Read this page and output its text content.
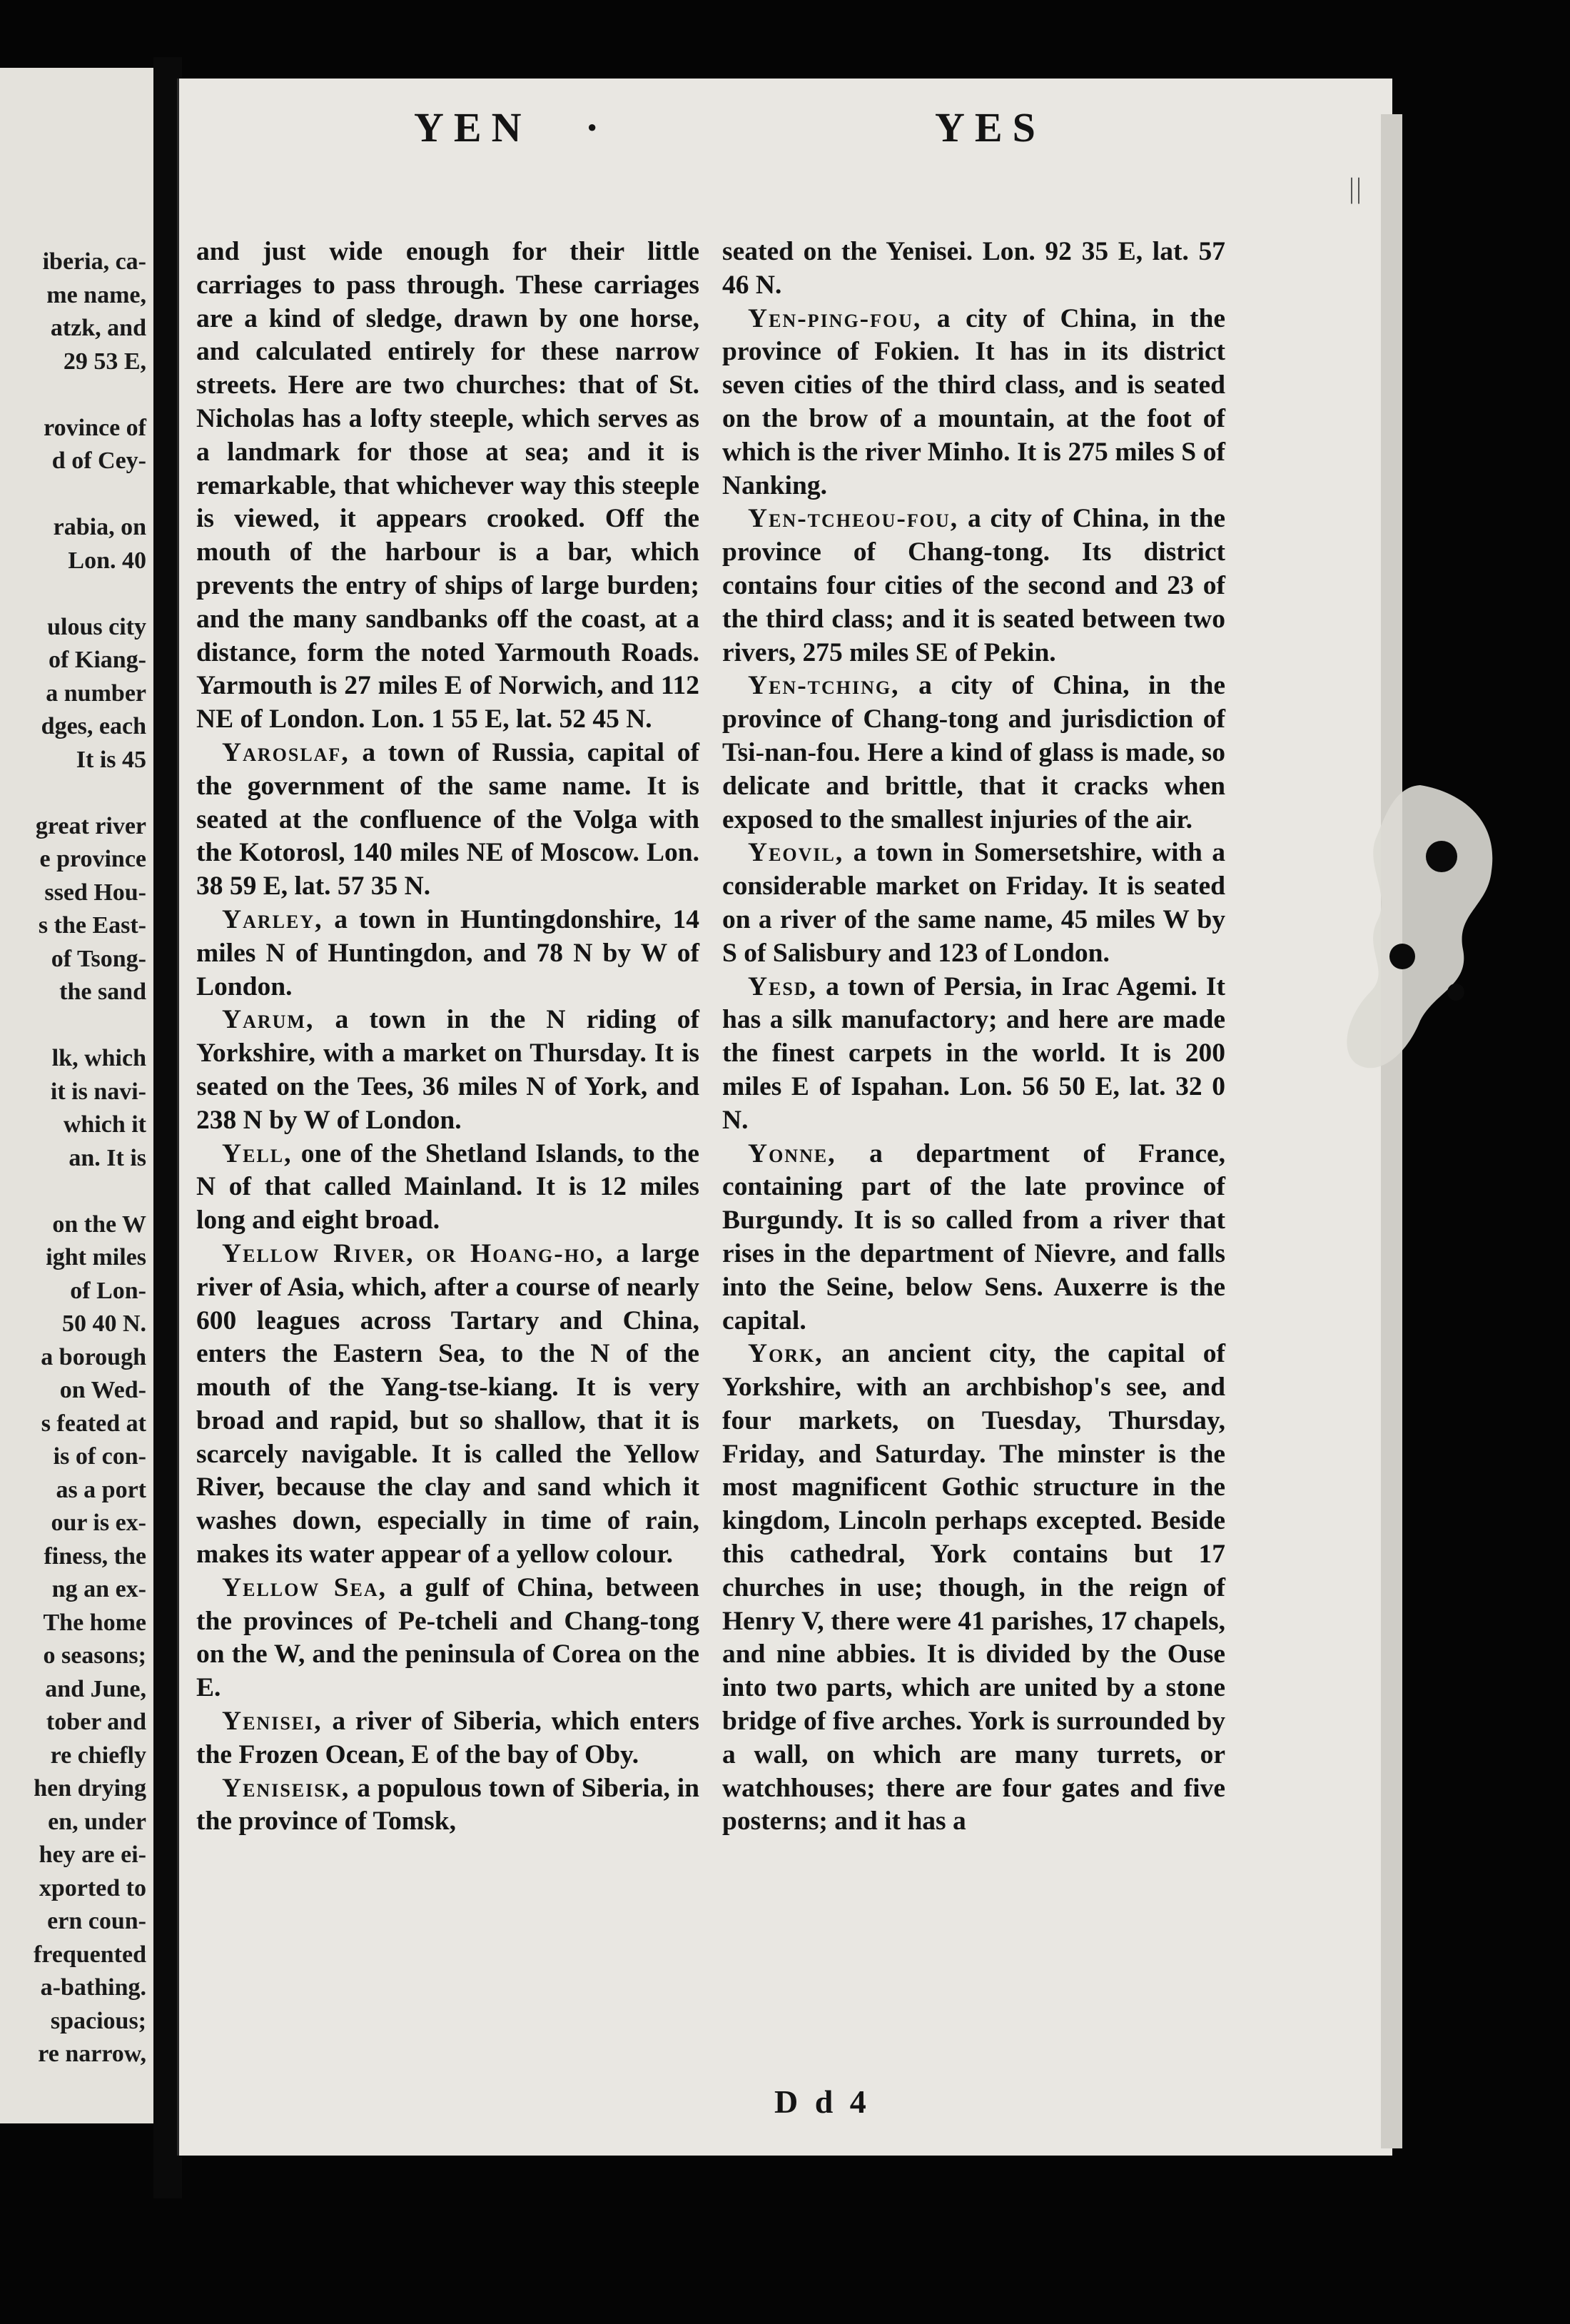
iberia, ca-
me name,
atzk, and
29 53 E,
rovince of
d of Cey-
rabia, on
Lon. 40
ulous city
of Kiang-
a number
dges, each
It is 45
great river
e province
ssed Hou-
s the East-
of Tsong-
the sand
lk, which
it is navi-
which it
an. It is
on the W
ight miles
of Lon-
50 40 N.
a borough
on Wed-
s feated at
is of con-
as a port
our is ex-
finess, the
ng an ex-
The home
o seasons;
and June,
tober and
re chiefly
hen drying
en, under
hey are ei-
xported to
ern coun-
frequented
a-bathing.
spacious;
re narrow,
YEN ·	YES
||

and just wide enough for their little carriages to pass through. These carriages are a kind of sledge, drawn by one horse, and calculated entirely for these narrow streets. Here are two churches: that of St. Nicholas has a lofty steeple, which serves as a landmark for those at sea; and it is remarkable, that whichever way this steeple is viewed, it appears crooked. Off the mouth of the harbour is a bar, which prevents the entry of ships of large burden; and the many sandbanks off the coast, at a distance, form the noted Yarmouth Roads. Yarmouth is 27 miles E of Norwich, and 112 NE of London. Lon. 1 55 E, lat. 52 45 N.

Yaroslaf, a town of Russia, capital of the government of the same name. It is seated at the confluence of the Volga with the Kotorosl, 140 miles NE of Moscow. Lon. 38 59 E, lat. 57 35 N.

Yarley, a town in Huntingdonshire, 14 miles N of Huntingdon, and 78 N by W of London.

Yarum, a town in the N riding of Yorkshire, with a market on Thursday. It is seated on the Tees, 36 miles N of York, and 238 N by W of London.

Yell, one of the Shetland Islands, to the N of that called Mainland. It is 12 miles long and eight broad.

Yellow River, or Hoang-ho, a large river of Asia, which, after a course of nearly 600 leagues across Tartary and China, enters the Eastern Sea, to the N of the mouth of the Yang-tse-kiang. It is very broad and rapid, but so shallow, that it is scarcely navigable. It is called the Yellow River, because the clay and sand which it washes down, especially in time of rain, makes its water appear of a yellow colour.

Yellow Sea, a gulf of China, between the provinces of Pe-tcheli and Chang-tong on the W, and the peninsula of Corea on the E.

Yenisei, a river of Siberia, which enters the Frozen Ocean, E of the bay of Oby.

Yeniseisk, a populous town of Siberia, in the province of Tomsk,

seated on the Yenisei. Lon. 92 35 E, lat. 57 46 N.

Yen-ping-fou, a city of China, in the province of Fokien. It has in its district seven cities of the third class, and is seated on the brow of a mountain, at the foot of which is the river Minho. It is 275 miles S of Nanking.

Yen-tcheou-fou, a city of China, in the province of Chang-tong. Its district contains four cities of the second and 23 of the third class; and it is seated between two rivers, 275 miles SE of Pekin.

Yen-tching, a city of China, in the province of Chang-tong and jurisdiction of Tsi-nan-fou. Here a kind of glass is made, so delicate and brittle, that it cracks when exposed to the smallest injuries of the air.

Yeovil, a town in Somersetshire, with a considerable market on Friday. It is seated on a river of the same name, 45 miles W by S of Salisbury and 123 of London.

Yesd, a town of Persia, in Irac Agemi. It has a silk manufactory; and here are made the finest carpets in the world. It is 200 miles E of Ispahan. Lon. 56 50 E, lat. 32 0 N.

Yonne, a department of France, containing part of the late province of Burgundy. It is so called from a river that rises in the department of Nievre, and falls into the Seine, below Sens. Auxerre is the capital.

York, an ancient city, the capital of Yorkshire, with an archbishop's see, and four markets, on Tuesday, Thursday, Friday, and Saturday. The minster is the most magnificent Gothic structure in the kingdom, Lincoln perhaps excepted. Beside this cathedral, York contains but 17 churches in use; though, in the reign of Henry V, there were 41 parishes, 17 chapels, and nine abbies. It is divided by the Ouse into two parts, which are united by a stone bridge of five arches. York is surrounded by a wall, on which are many turrets, or watchhouses; there are four gates and five posterns; and it has a

D d 4
